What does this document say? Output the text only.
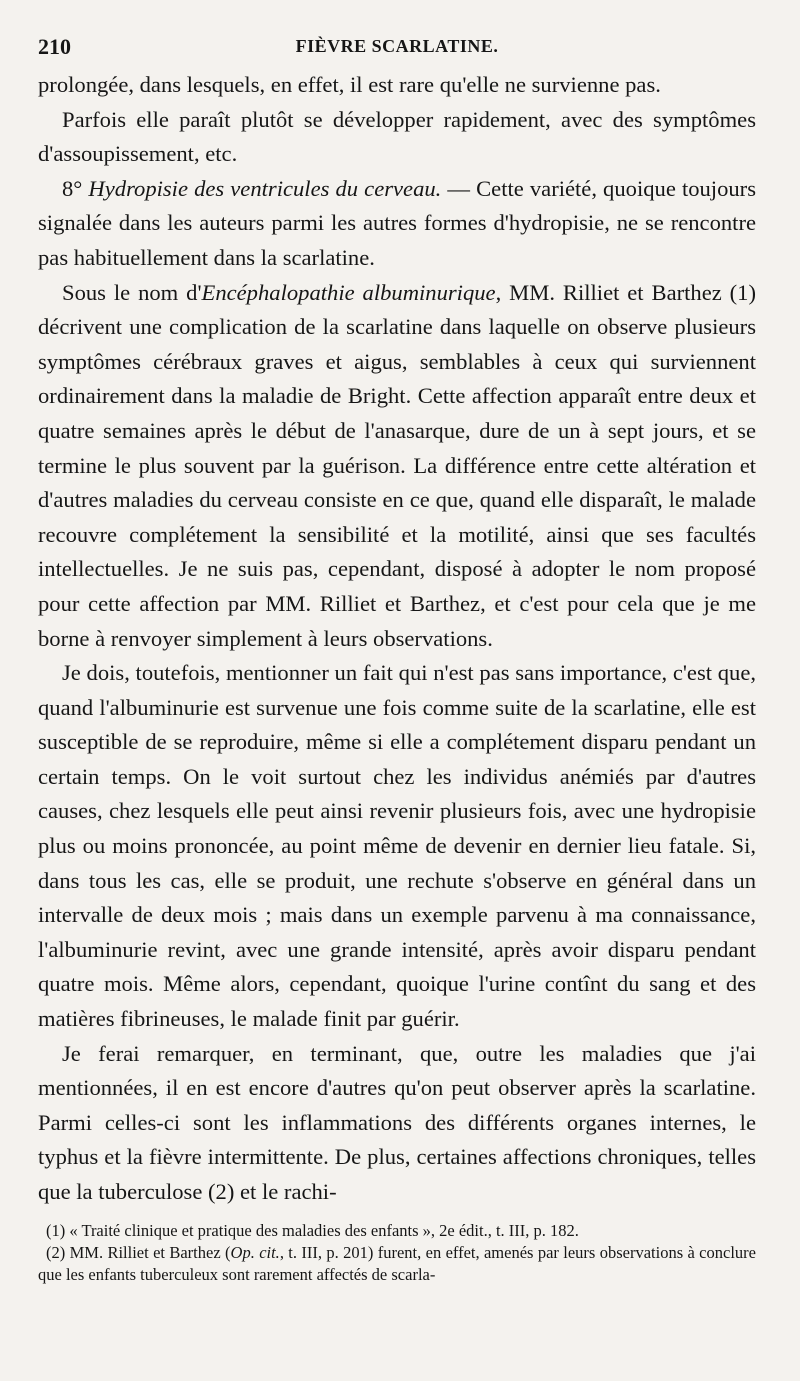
210	FIÈVRE SCARLATINE.

prolongée, dans lesquels, en effet, il est rare qu'elle ne survienne pas.

Parfois elle paraît plutôt se développer rapidement, avec des symptômes d'assoupissement, etc.

8° Hydropisie des ventricules du cerveau. — Cette variété, quoique toujours signalée dans les auteurs parmi les autres formes d'hydropisie, ne se rencontre pas habituellement dans la scarlatine.

Sous le nom d'Encéphalopathie albuminurique, MM. Rilliet et Barthez (1) décrivent une complication de la scarlatine dans laquelle on observe plusieurs symptômes cérébraux graves et aigus, semblables à ceux qui surviennent ordinairement dans la maladie de Bright. Cette affection apparaît entre deux et quatre semaines après le début de l'anasarque, dure de un à sept jours, et se termine le plus souvent par la guérison. La différence entre cette altération et d'autres maladies du cerveau consiste en ce que, quand elle disparaît, le malade recouvre complétement la sensibilité et la motilité, ainsi que ses facultés intellectuelles. Je ne suis pas, cependant, disposé à adopter le nom proposé pour cette affection par MM. Rilliet et Barthez, et c'est pour cela que je me borne à renvoyer simplement à leurs observations.

Je dois, toutefois, mentionner un fait qui n'est pas sans importance, c'est que, quand l'albuminurie est survenue une fois comme suite de la scarlatine, elle est susceptible de se reproduire, même si elle a complétement disparu pendant un certain temps. On le voit surtout chez les individus anémiés par d'autres causes, chez lesquels elle peut ainsi revenir plusieurs fois, avec une hydropisie plus ou moins prononcée, au point même de devenir en dernier lieu fatale. Si, dans tous les cas, elle se produit, une rechute s'observe en général dans un intervalle de deux mois ; mais dans un exemple parvenu à ma connaissance, l'albuminurie revint, avec une grande intensité, après avoir disparu pendant quatre mois. Même alors, cependant, quoique l'urine contînt du sang et des matières fibrineuses, le malade finit par guérir.

Je ferai remarquer, en terminant, que, outre les maladies que j'ai mentionnées, il en est encore d'autres qu'on peut observer après la scarlatine. Parmi celles-ci sont les inflammations des différents organes internes, le typhus et la fièvre intermittente. De plus, certaines affections chroniques, telles que la tuberculose (2) et le rachi-

(1) « Traité clinique et pratique des maladies des enfants », 2e édit., t. III, p. 182.

(2) MM. Rilliet et Barthez (Op. cit., t. III, p. 201) furent, en effet, amenés par leurs observations à conclure que les enfants tuberculeux sont rarement affectés de scarla-
